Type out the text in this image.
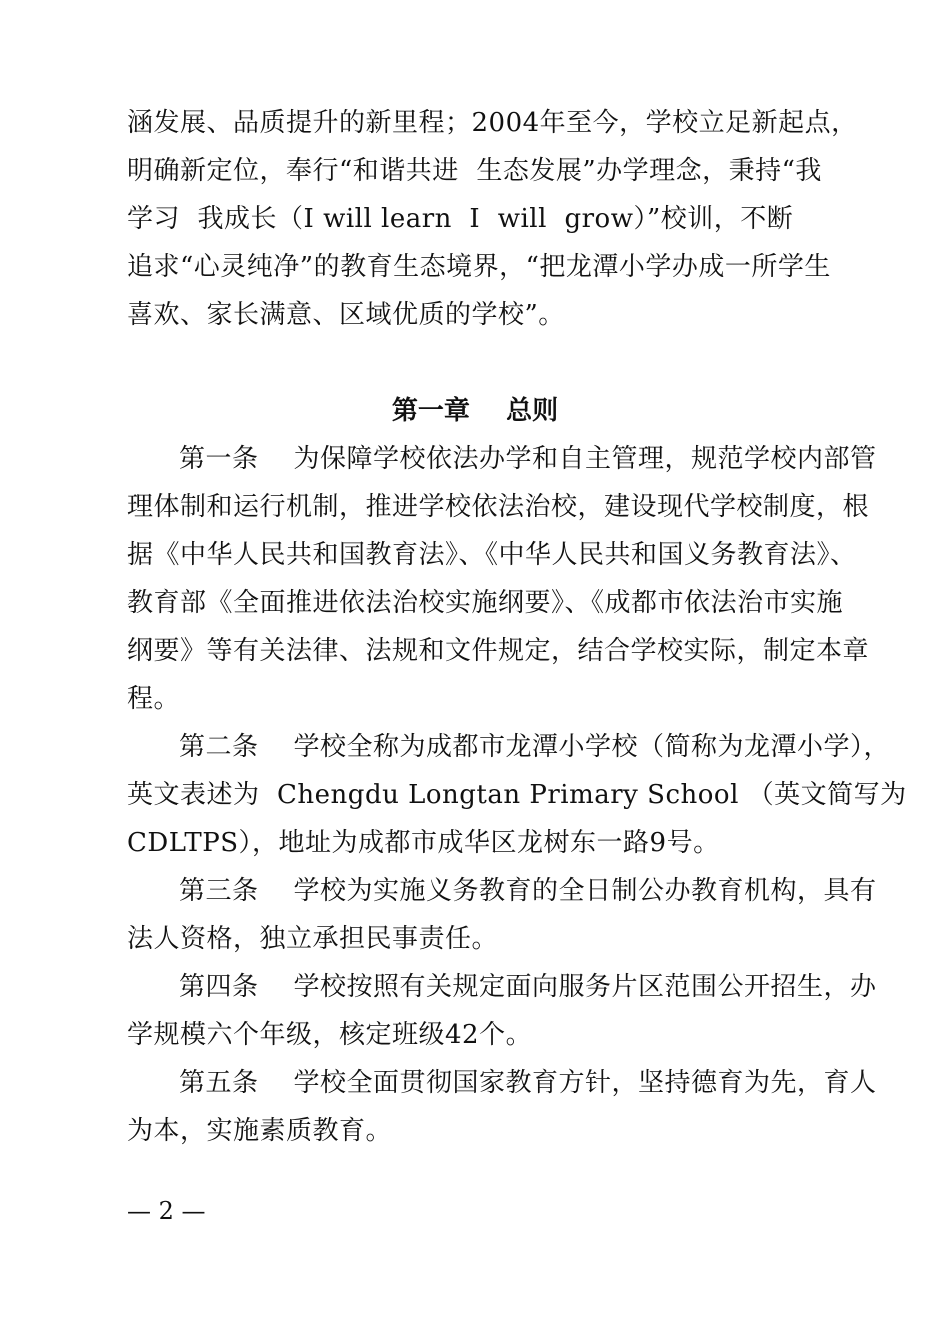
涵发展、品质提升的新里程；2004年至今，学校立足新起点，
明确新定位，奉行“和谐共进  生态发展”办学理念，秉持“我
学习  我成长（I will learn  I  will  grow）”校训，不断
追求“心灵纯净”的教育生态境界，“把龙潭小学办成一所学生
喜欢、家长满意、区域优质的学校”。
第一章    总则
第一条    为保障学校依法办学和自主管理，规范学校内部管
理体制和运行机制，推进学校依法治校，建设现代学校制度，根
据《中华人民共和国教育法》、《中华人民共和国义务教育法》、
教育部《全面推进依法治校实施纲要》、《成都市依法治市实施
纲要》等有关法律、法规和文件规定，结合学校实际，制定本章
程。
第二条    学校全称为成都市龙潭小学校（简称为龙潭小学），
英文表述为  Chengdu Longtan Primary School （英文简写为
CDLTPS），地址为成都市成华区龙树东一路9号。
第三条    学校为实施义务教育的全日制公办教育机构，具有
法人资格，独立承担民事责任。
第四条    学校按照有关规定面向服务片区范围公开招生，办
学规模六个年级，核定班级42个。
第五条    学校全面贯彻国家教育方针，坚持德育为先，育人
为本，实施素质教育。
— 2 —
